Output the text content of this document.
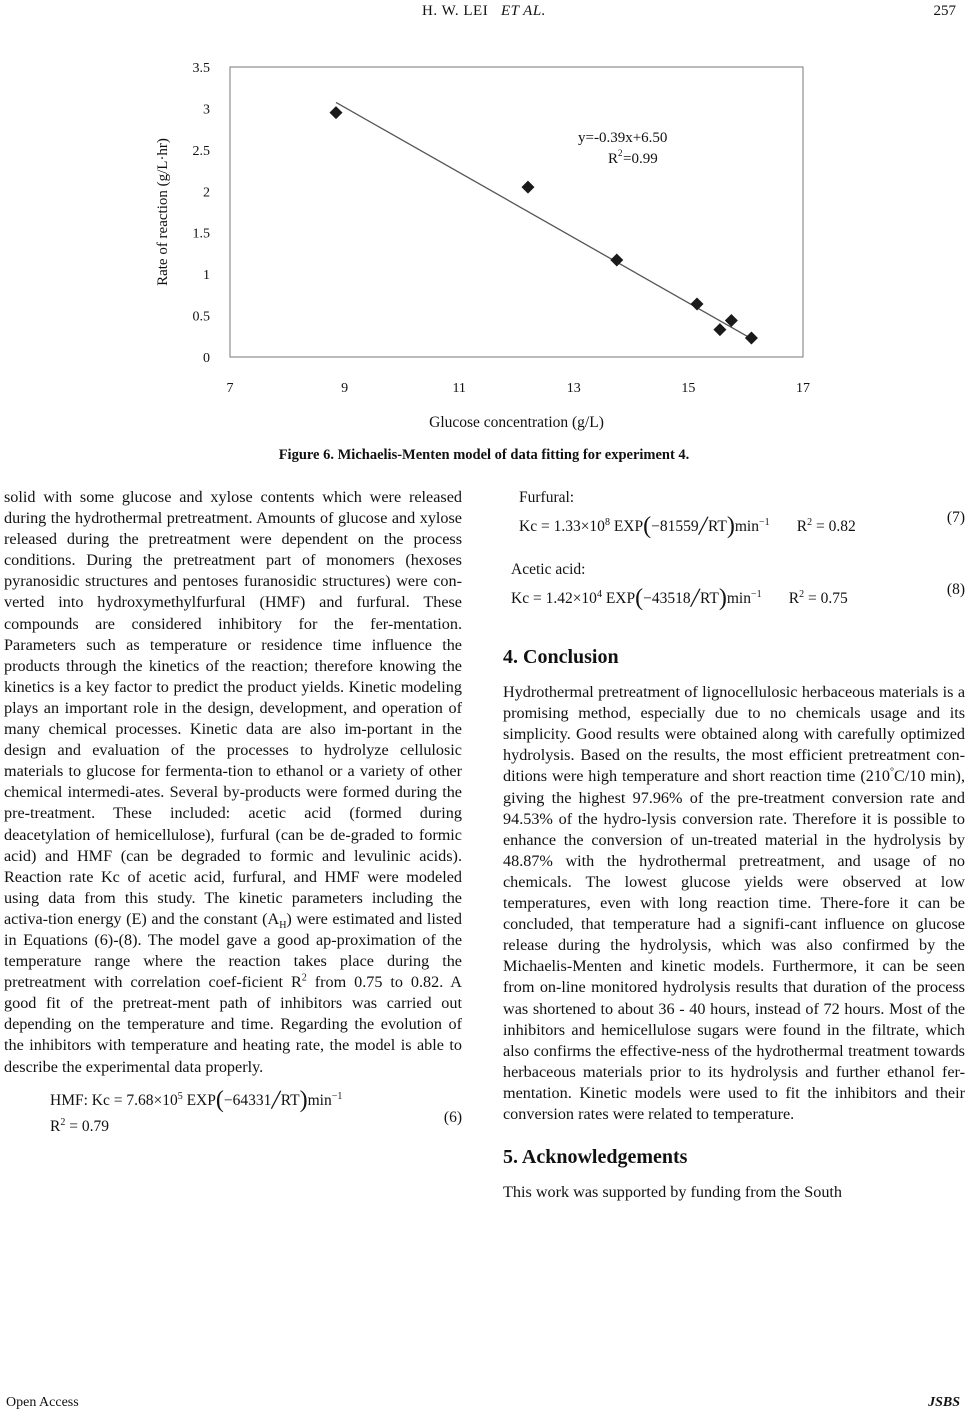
H. W. LEI ET AL.	257
0
0.5
1
1.5
2
2.5
3
3.5
7	9	11	13	15	17
y=-0.39x+6.50
R 2 =0.99
Glucose concentration (g/L)
Rate of reaction (g/L·hr)
Figure 6. Michaelis-Menten model of data fitting for experiment 4.

solid with some glucose and xylose contents which were released during the hydrothermal pretreatment. Amounts of glucose and xylose released during the pretreatment were dependent on the process conditions. During the pretreatment part of monomers (hexoses pyranosidic structures and pentoses furanosidic structures) were con-verted into hydroxymethylfurfural (HMF) and furfural. These compounds are considered inhibitory for the fer-mentation. Parameters such as temperature or residence time influence the products through the kinetics of the reaction; therefore knowing the kinetics is a key factor to predict the product yields. Kinetic modeling plays an important role in the design, development, and operation of many chemical processes. Kinetic data are also im-portant in the design and evaluation of the processes to hydrolyze cellulosic materials to glucose for fermenta-tion to ethanol or a variety of other chemical intermedi-ates. Several by-products were formed during the pre-treatment. These included: acetic acid (formed during deacetylation of hemicellulose), furfural (can be de-graded to formic acid) and HMF (can be degraded to formic and levulinic acids). Reaction rate Kc of acetic acid, furfural, and HMF were modeled using data from this study. The kinetic parameters including the activa-tion energy (E) and the constant $(A_H)$ were estimated and listed in Equations (6)-(8). The model gave a good ap-proximation of the temperature range where the reaction takes place during the pretreatment with correlation coef-ficient $R^2$ from 0.75 to 0.82. A good fit of the pretreat-ment path of inhibitors was carried out depending on the temperature and time. Regarding the evolution of the inhibitors with temperature and heating rate, the model is able to describe the experimental data properly.

HMF: $Kc = 7.68\times 10^5$ $EXP(-64331╱RT)\min^{-1}$
$R^2 = 0.79$
(6)
Furfural:
$Kc = 1.33\times 10^8$ $EXP(-81559╱RT)\min^{-1}$ $R^2 = 0.82$
(7)
Acetic acid:
$Kc = 1.42\times 10^4$ $EXP(-43518╱RT)\min^{-1}$ $R^2 = 0.75$
(8)
4. Conclusion

Hydrothermal pretreatment of lignocellulosic herbaceous materials is a promising method, especially due to no chemicals usage and its simplicity. Good results were obtained along with carefully optimized hydrolysis. Based on the results, the most efficient pretreatment con-ditions were high temperature and short reaction time (210°C/10 min), giving the highest 97.96% of the pre-treatment conversion rate and 94.53% of the hydro-lysis conversion rate. Therefore it is possible to enhance the conversion of un-treated material in the hydrolysis by 48.87% with the hydrothermal pretreatment, and usage of no chemicals. The lowest glucose yields were observed at low temperatures, even with long reaction time. There-fore it can be concluded, that temperature had a signifi-cant influence on glucose release during the hydrolysis, which was also confirmed by the Michaelis-Menten and kinetic models. Furthermore, it can be seen from on-line monitored hydrolysis results that duration of the process was shortened to about 36 - 40 hours, instead of 72 hours. Most of the inhibitors and hemicellulose sugars were found in the filtrate, which also confirms the effective-ness of the hydrothermal treatment towards herbaceous materials prior to its hydrolysis and further ethanol fer-mentation. Kinetic models were used to fit the inhibitors and their conversion rates were related to temperature.

5. Acknowledgements

This work was supported by funding from the South

Open Access	JSBS
